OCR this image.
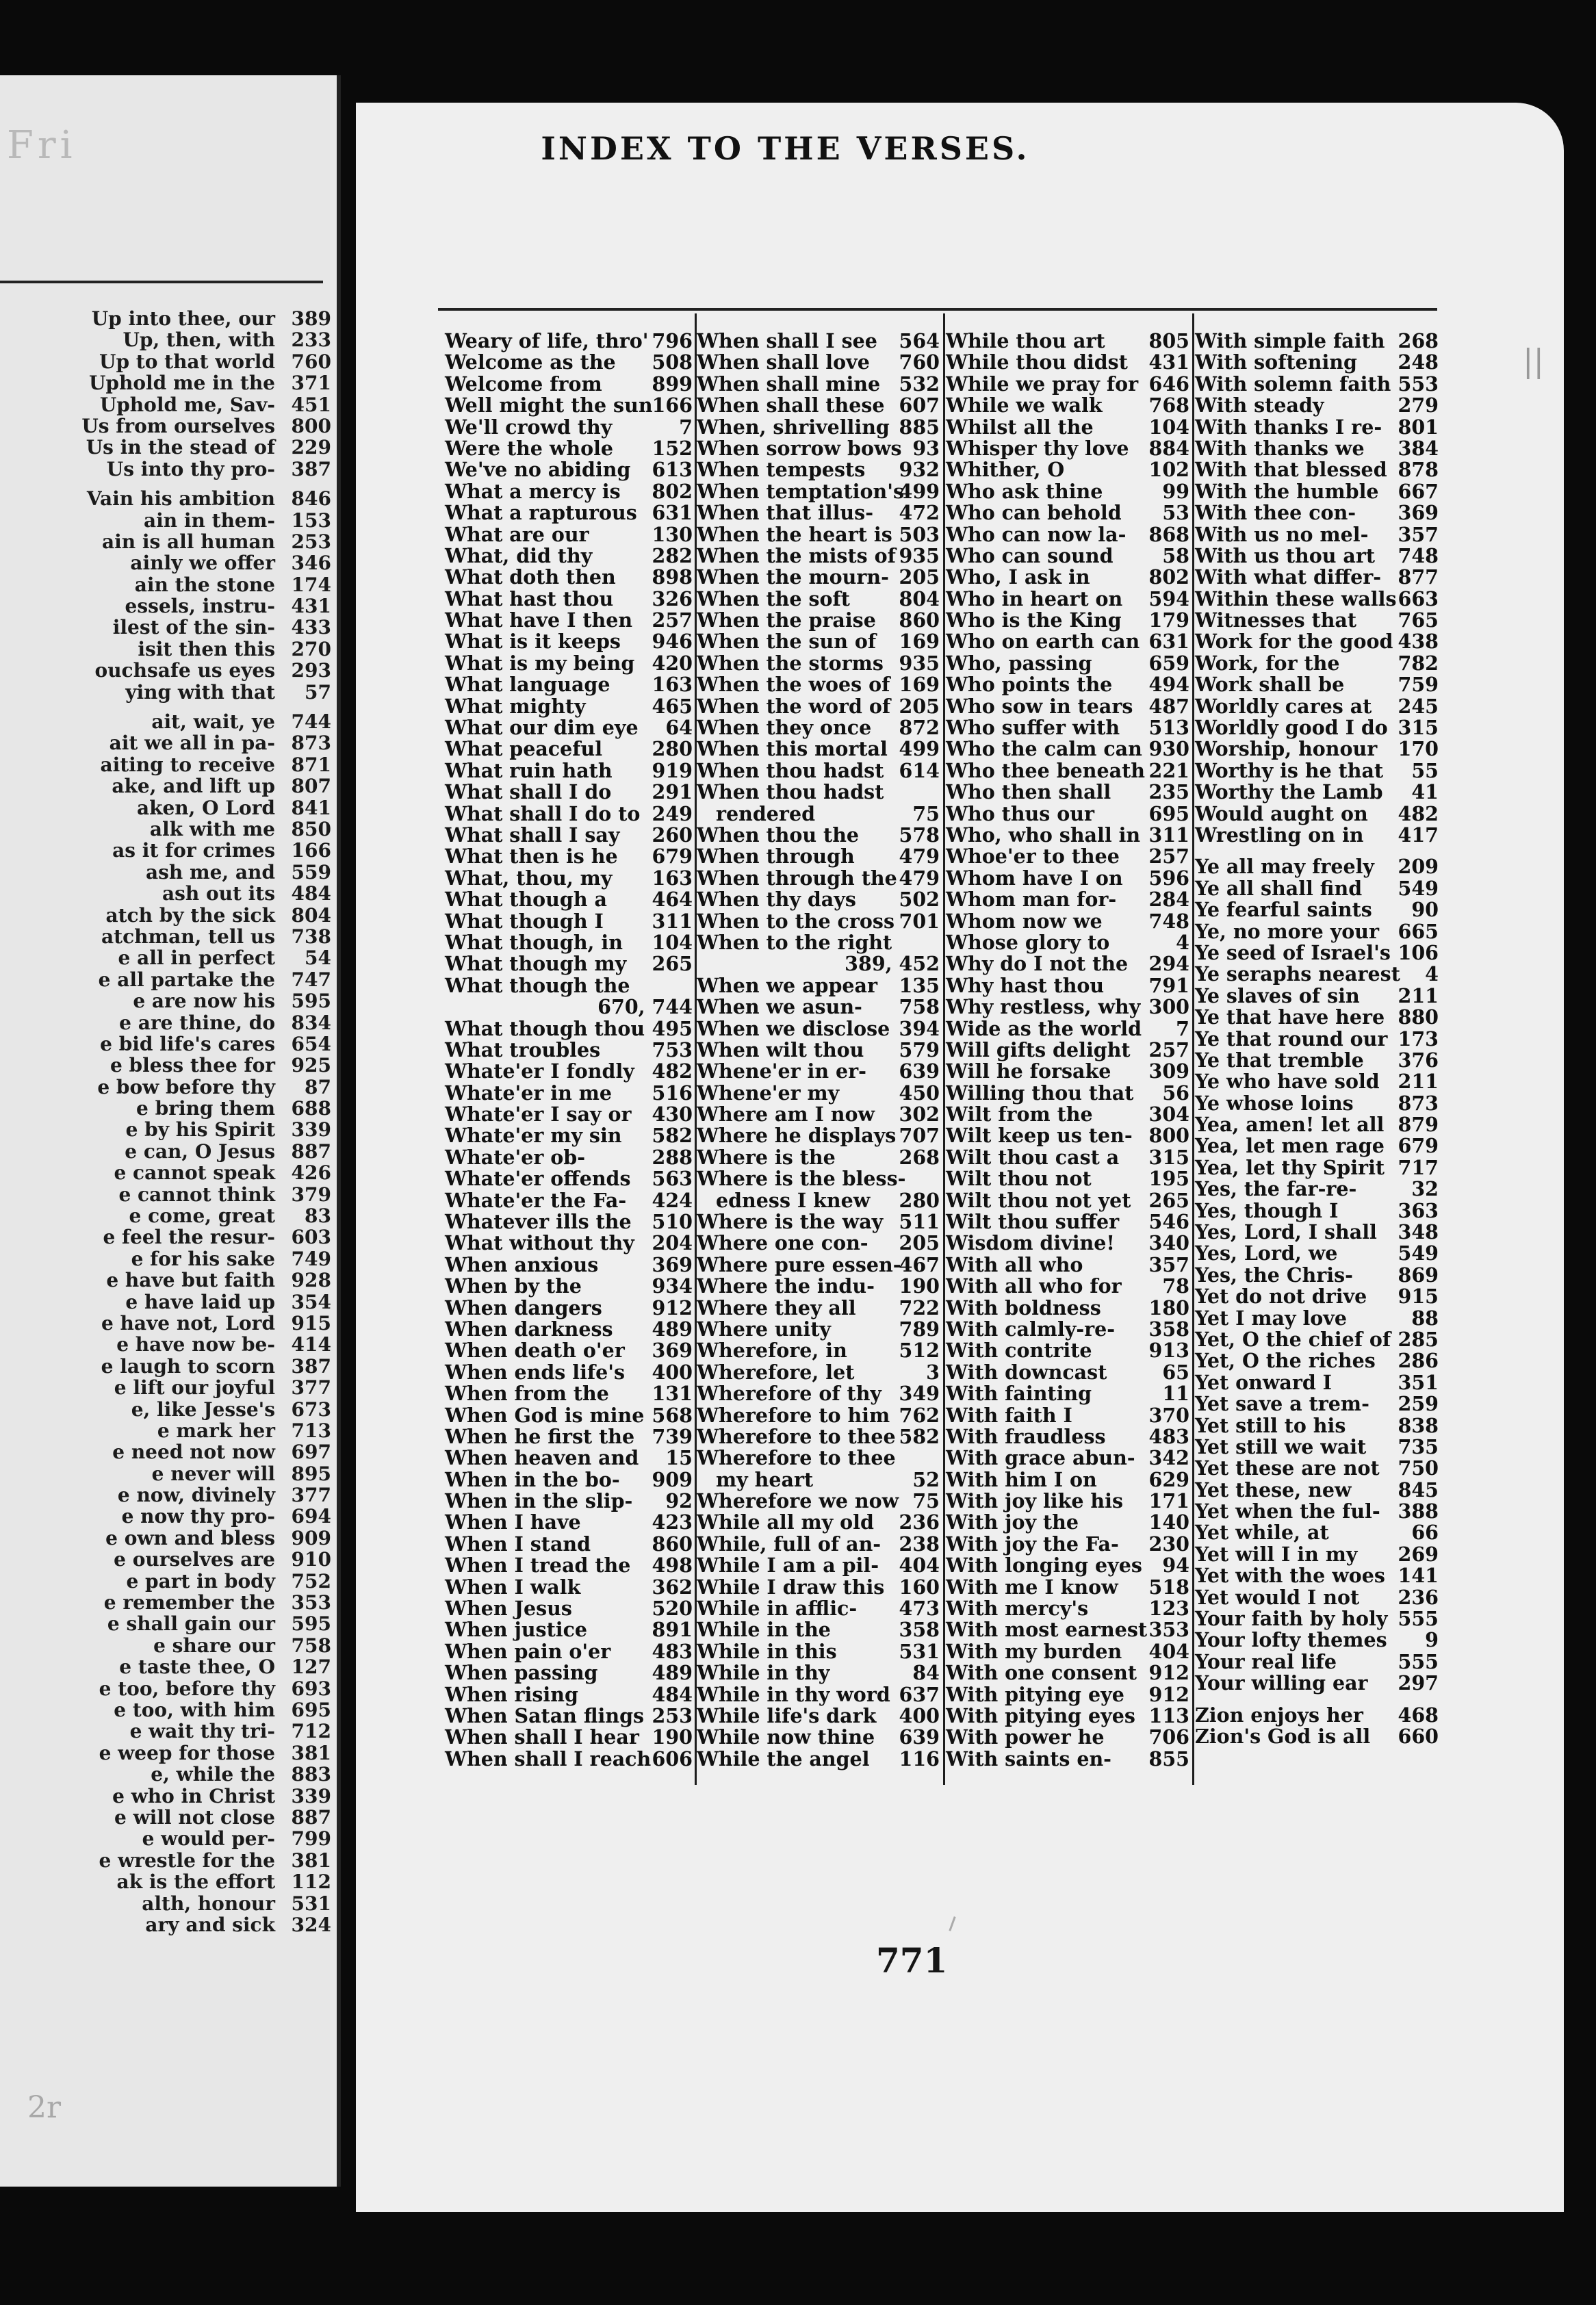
Fri
Up into thee, our 389
Up, then, with 233
Up to that world 760
Uphold me in the 371
Uphold me, Sav- 451
Us from ourselves 800
Us in the stead of 229
Us into thy pro- 387
Vain his ambition 846
ain in them- 153
ain is all human 253
ainly we offer 346
ain the stone 174
essels, instru- 431
ilest of the sin- 433
isit then this 270
ouchsafe us eyes 293
ying with that 57
ait, wait, ye 744
ait we all in pa- 873
aiting to receive 871
ake, and lift up 807
aken, O Lord 841
alk with me 850
as it for crimes 166
ash me, and 559
ash out its 484
atch by the sick 804
atchman, tell us 738
e all in perfect 54
e all partake the 747
e are now his 595
e are thine, do 834
e bid life's cares 654
e bless thee for 925
e bow before thy 87
e bring them 688
e by his Spirit 339
e can, O Jesus 887
e cannot speak 426
e cannot think 379
e come, great 83
e feel the resur- 603
e for his sake 749
e have but faith 928
e have laid up 354
e have not, Lord 915
e have now be- 414
e laugh to scorn 387
e lift our joyful 377
e, like Jesse's 673
e mark her 713
e need not now 697
e never will 895
e now, divinely 377
e now thy pro- 694
e own and bless 909
e ourselves are 910
e part in body 752
e remember the 353
e shall gain our 595
e share our 758
e taste thee, O 127
e too, before thy 693
e too, with him 695
e wait thy tri- 712
e weep for those 381
e, while the 883
e who in Christ 339
e will not close 887
e would per- 799
e wrestle for the 381
ak is the effort 112
alth, honour 531
ary and sick 324
2r
INDEX TO THE VERSES.
||
Weary of life, thro' 796
Welcome as the 508
Welcome from	899
Well might the sun
166
We'll crowd thy	7
Were the whole 152
We've no abiding 613
What a mercy is 802
What a rapturous 631
What are our	130
What, did thy	282
What doth then 898
What hast thou 326
What have I then 257
What is it keeps 946
What is my being 420
What language 163
What mighty	465
What our dim eye 64
What peaceful	280
What ruin hath 919
What shall I do 291
What shall I do to 249
What shall I say 260
What then is he 679
What, thou, my 163
What though a 464
What though I 311
What though, in 104
What though my 265
What though the
670, 744
What though thou 495
What troubles	753
Whate'er I fondly 482
Whate'er in me 516
Whate'er I say or 430
Whate'er my sin 582
Whate'er ob-	288
Whate'er offends 563
Whate'er the Fa- 424
Whatever ills the 510
What without thy 204
When anxious	369
When by the	934
When dangers	912
When darkness 489
When death o'er 369
When ends life's 400
When from the 131
When God is mine 568
When he first the 739
When heaven and 15
When in the bo- 909
When in the slip- 92
When I have	423
When I stand	860
When I tread the 498
When I walk	362
When Jesus	520
When justice	891
When pain o'er 483
When passing	489
When rising	484
When Satan flings 253
When shall I hear 190
When shall I reach 606
When shall I see 564
When shall love 760
When shall mine 532
When shall these 607
When, shrivelling 885
When sorrow bows 93
When tempests 932
When temptation's
499
When that illus- 472
When the heart is 503
When the mists of 935
When the mourn- 205
When the soft	804
When the praise 860
When the sun of 169
When the storms 935
When the woes of 169
When the word of 205
When they once 872
When this mortal 499
When thou hadst 614
When thou hadst
rendered	75
When thou the 578
When through 479
When through the 479
When thy days 502
When to the cross 701
When to the right
389, 452
When we appear 135
When we asun- 758
When we disclose 394
When wilt thou 579
Whene'er in er- 639
Whene'er my	450
Where am I now 302
Where he displays 707
Where is the	268
Where is the bless-
edness I knew 280
Where is the way 511
Where one con- 205
Where pure essen-
467
Where the indu- 190
Where they all 722
Where unity	789
Wherefore, in	512
Wherefore, let	3
Wherefore of thy 349
Wherefore to him 762
Wherefore to thee 582
Wherefore to thee
my heart	52
Wherefore we now 75
While all my old 236
While, full of an- 238
While I am a pil- 404
While I draw this 160
While in afflic- 473
While in the	358
While in this	531
While in thy	84
While in thy word 637
While life's dark 400
While now thine 639
While the angel 116
While thou art 805
While thou didst 431
While we pray for 646
While we walk 768
Whilst all the	104
Whisper thy love 884
Whither, O	102
Who ask thine	99
Who can behold 53
Who can now la- 868
Who can sound	58
Who, I ask in	802
Who in heart on 594
Who is the King 179
Who on earth can 631
Who, passing	659
Who points the 494
Who sow in tears 487
Who suffer with 513
Who the calm can 930
Who thee beneath 221
Who then shall 235
Who thus our	695
Who, who shall in 311
Whoe'er to thee 257
Whom have I on 596
Whom man for- 284
Whom now we 748
Whose glory to	4
Why do I not the 294
Why hast thou 791
Why restless, why 300
Wide as the world 7
Will gifts delight 257
Will he forsake 309
Willing thou that 56
Wilt from the	304
Wilt keep us ten- 800
Wilt thou cast a 315
Wilt thou not	195
Wilt thou not yet 265
Wilt thou suffer 546
Wisdom divine! 340
With all who	357
With all who for 78
With boldness 180
With calmly-re- 358
With contrite	913
With downcast	65
With fainting	11
With faith I	370
With fraudless 483
With grace abun- 342
With him I on	629
With joy like his 171
With joy the	140
With joy the Fa- 230
With longing eyes 94
With me I know 518
With mercy's	123
With most earnest 353
With my burden 404
With one consent 912
With pitying eye 912
With pitying eyes 113
With power he 706
With saints en- 855
With simple faith 268
With softening 248
With solemn faith 553
With steady	279
With thanks I re- 801
With thanks we 384
With that blessed 878
With the humble 667
With thee con- 369
With us no mel- 357
With us thou art 748
With what differ- 877
Within these walls 663
Witnesses that 765
Work for the good 438
Work, for the	782
Work shall be	759
Worldly cares at 245
Worldly good I do 315
Worship, honour 170
Worthy is he that 55
Worthy the Lamb 41
Would aught on 482
Wrestling on in 417
Ye all may freely 209
Ye all shall find 549
Ye fearful saints 90
Ye, no more your 665
Ye seed of Israel's 106
Ye seraphs nearest 4
Ye slaves of sin 211
Ye that have here 880
Ye that round our 173
Ye that tremble 376
Ye who have sold 211
Ye whose loins 873
Yea, amen! let all 879
Yea, let men rage 679
Yea, let thy Spirit 717
Yes, the far-re-	32
Yes, though I	363
Yes, Lord, I shall 348
Yes, Lord, we	549
Yes, the Chris- 869
Yet do not drive 915
Yet I may love	88
Yet, O the chief of 285
Yet, O the riches 286
Yet onward I	351
Yet save a trem- 259
Yet still to his	838
Yet still we wait 735
Yet these are not 750
Yet these, new 845
Yet when the ful- 388
Yet while, at	66
Yet will I in my 269
Yet with the woes 141
Yet would I not 236
Your faith by holy 555
Your lofty themes 9
Your real life	555
Your willing ear 297
Zion enjoys her 468
Zion's God is all 660
771
